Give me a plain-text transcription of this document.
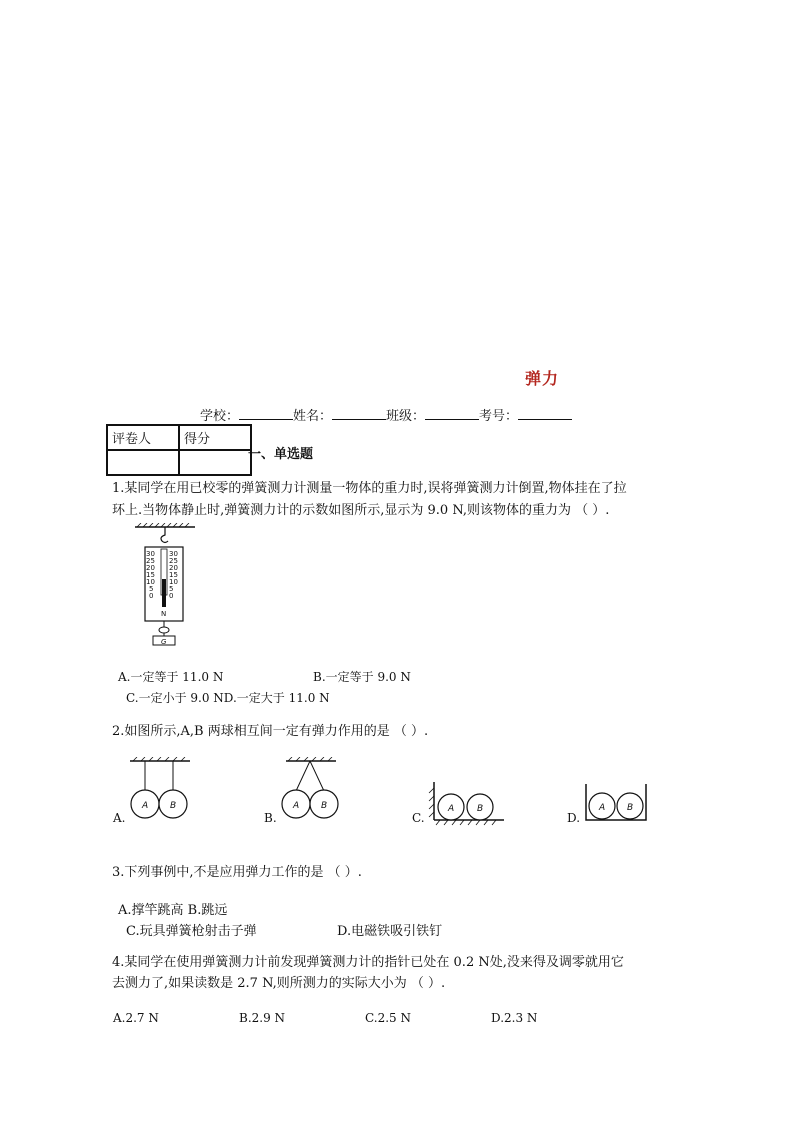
弹力
学校：	姓名：	班级：	考号：
评卷人	得分

一、单选题
1.某同学在用已校零的弹簧测力计测量一物体的重力时,误将弹簧测力计倒置,物体挂在了拉
环上.当物体静止时,弹簧测力计的示数如图所示,显示为 9.0 N,则该物体的重力为 （ ）.
30
25
20
15
10
5
0
30
25
20
15
10
5
0
N
G
A.一定等于 11.0 N	B.一定等于 9.0 N
C.一定小于 9.0 ND.一定大于 11.0 N
2.如图所示,A,B 两球相互间一定有弹力作用的是 （ ）.
A.
A B
B.
A B
C.
A	B
D.
A B
3.下列事例中,不是应用弹力工作的是 （ ）.
A.撑竿跳高 B.跳远
C.玩具弹簧枪射击子弹	D.电磁铁吸引铁钉
4.某同学在使用弹簧测力计前发现弹簧测力计的指针已处在 0.2 N处,没来得及调零就用它
去测力了,如果读数是 2.7 N,则所测力的实际大小为 （ ）.
A.2.7 N	B.2.9 N	C.2.5 N	D.2.3 N
